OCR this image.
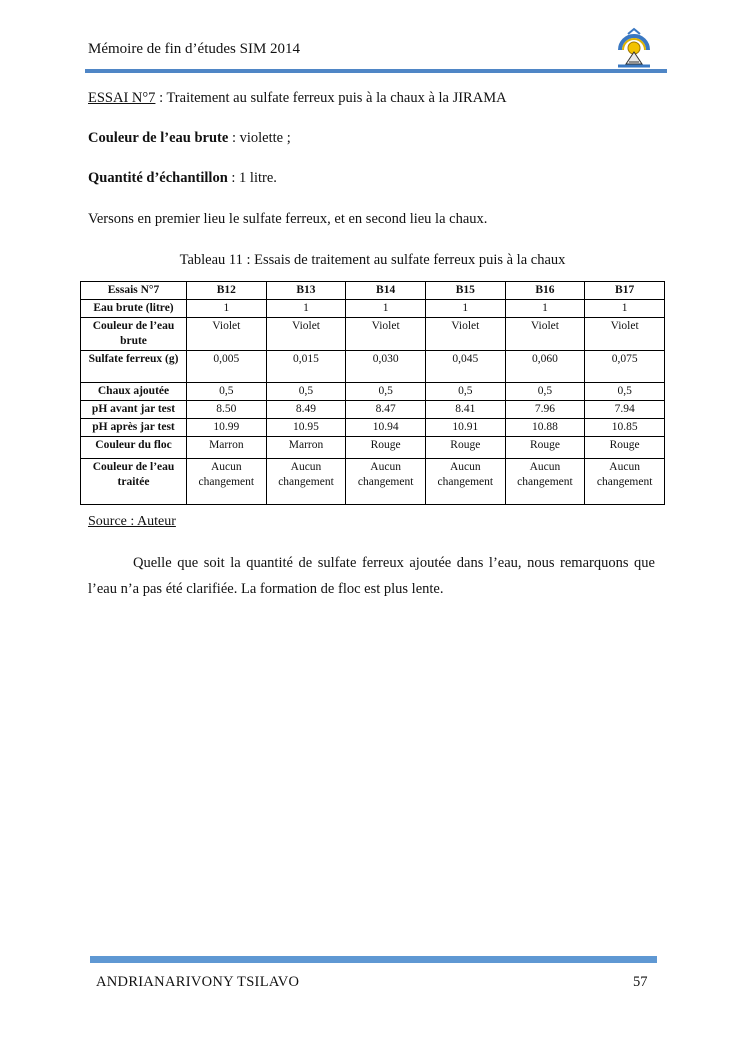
Mémoire de fin d’études SIM 2014
ESSAI N°7 : Traitement au sulfate ferreux puis à la chaux à la JIRAMA
Couleur de l’eau brute : violette ;
Quantité d’échantillon : 1 litre.
Versons en premier lieu le sulfate ferreux, et en second lieu la chaux.
Tableau 11 : Essais de traitement au sulfate ferreux puis à la chaux
Essais N°7	B12	B13	B14	B15	B16	B17
Eau brute (litre)	1	1	1	1	1	1
Couleur de l’eau brute	Violet	Violet	Violet	Violet	Violet	Violet
Sulfate ferreux (g)	0,005	0,015	0,030	0,045	0,060	0,075
Chaux ajoutée	0,5	0,5	0,5	0,5	0,5	0,5
pH avant jar test	8.50	8.49	8.47	8.41	7.96	7.94
pH après jar test	10.99	10.95	10.94	10.91	10.88	10.85
Couleur du floc	Marron	Marron	Rouge	Rouge	Rouge	Rouge
Couleur de l’eau traitée	Aucun changement	Aucun changement	Aucun changement	Aucun changement	Aucun changement	Aucun changement
Source : Auteur
Quelle que soit la quantité de sulfate ferreux ajoutée dans l’eau, nous remarquons que l’eau n’a pas été clarifiée. La formation de floc est plus lente.
ANDRIANARIVONY TSILAVO	57
